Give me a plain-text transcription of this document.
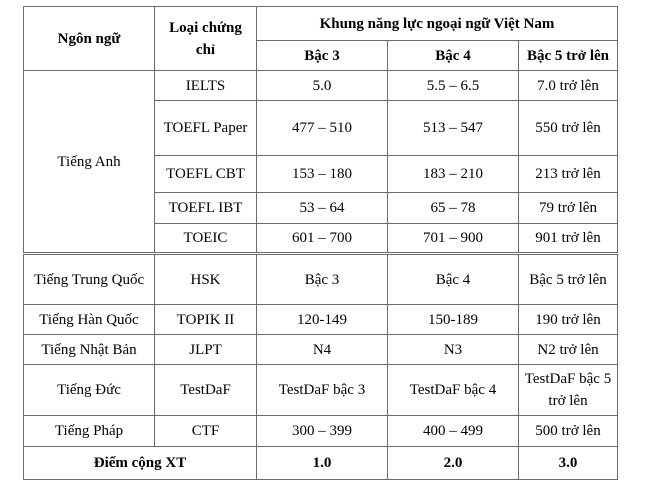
Ngôn ngữ	Loại chứng chỉ	Khung năng lực ngoại ngữ Việt Nam		
		Bậc 3	Bậc 4	Bậc 5 trở lên
Tiếng Anh	IELTS	5.0	5.5 – 6.5	7.0 trở lên
	TOEFL Paper	477 – 510	513 – 547	550 trở lên
	TOEFL CBT	153 – 180	183 – 210	213 trở lên
	TOEFL IBT	53 – 64	65 – 78	79 trở lên
	TOEIC	601 – 700	701 – 900	901 trở lên
Tiếng Trung Quốc	HSK	Bậc 3	Bậc 4	Bậc 5 trở lên
Tiếng Hàn Quốc	TOPIK II	120-149	150-189	190 trở lên
Tiếng Nhật Bản	JLPT	N4	N3	N2 trở lên
Tiếng Đức	TestDaF	TestDaF bậc 3	TestDaF bậc 4	TestDaF bậc 5 trở lên
Tiếng Pháp	CTF	300 – 399	400 – 499	500 trở lên
Điểm cộng XT		1.0	2.0	3.0
